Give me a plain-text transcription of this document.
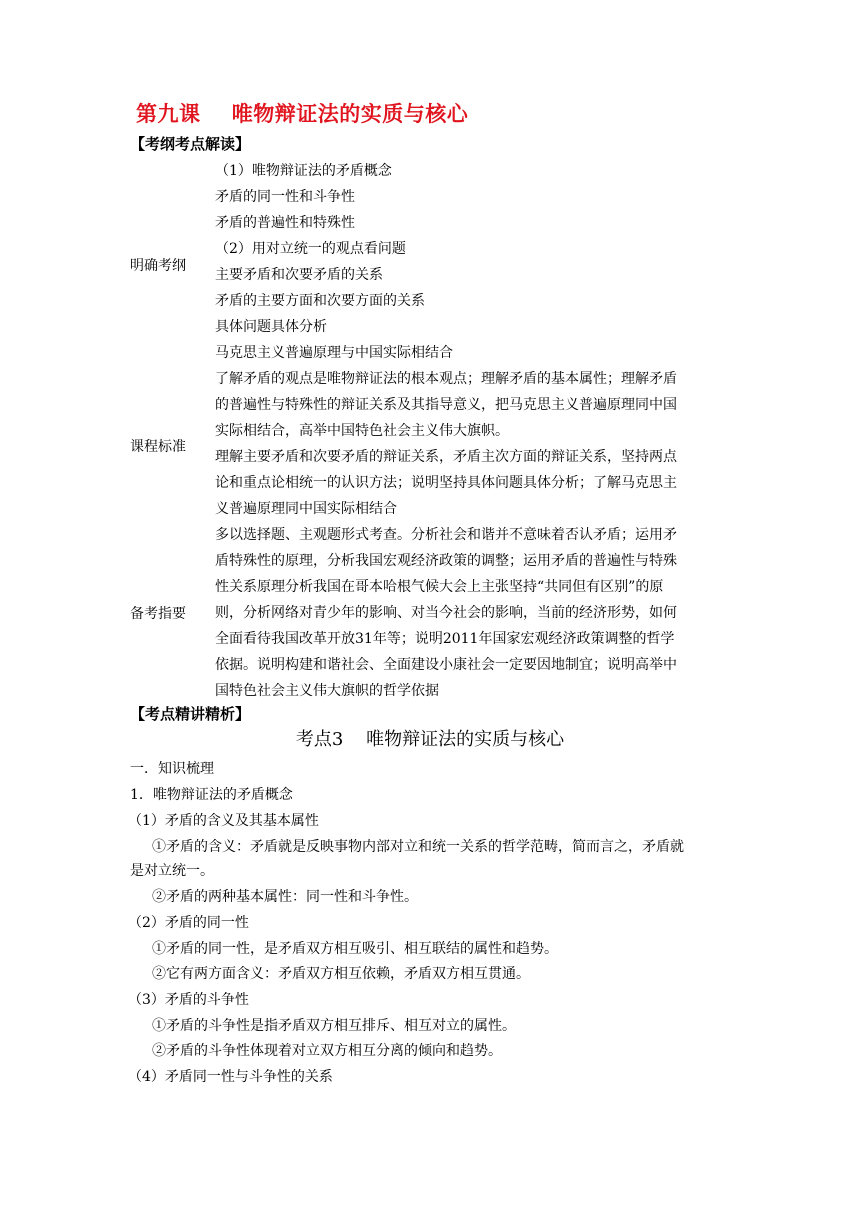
第九课    唯物辩证法的实质与核心
【考纲考点解读】
明确考纲
（1）唯物辩证法的矛盾概念
矛盾的同一性和斗争性
矛盾的普遍性和特殊性
（2）用对立统一的观点看问题
主要矛盾和次要矛盾的关系
矛盾的主要方面和次要方面的关系
具体问题具体分析
马克思主义普遍原理与中国实际相结合
课程标准
了解矛盾的观点是唯物辩证法的根本观点；理解矛盾的基本属性；理解矛盾
的普遍性与特殊性的辩证关系及其指导意义，把马克思主义普遍原理同中国
实际相结合，高举中国特色社会主义伟大旗帜。
理解主要矛盾和次要矛盾的辩证关系，矛盾主次方面的辩证关系，坚持两点
论和重点论相统一的认识方法；说明坚持具体问题具体分析；了解马克思主
义普遍原理同中国实际相结合
备考指要
多以选择题、主观题形式考查。分析社会和谐并不意味着否认矛盾；运用矛
盾特殊性的原理，分析我国宏观经济政策的调整；运用矛盾的普遍性与特殊
性关系原理分析我国在哥本哈根气候大会上主张坚持“共同但有区别”的原
则，分析网络对青少年的影响、对当今社会的影响，当前的经济形势，如何
全面看待我国改革开放31年等；说明2011年国家宏观经济政策调整的哲学
依据。说明构建和谐社会、全面建设小康社会一定要因地制宜；说明高举中
国特色社会主义伟大旗帜的哲学依据
【考点精讲精析】
考点3    唯物辩证法的实质与核心
一．知识梳理
1．唯物辩证法的矛盾概念
（1）矛盾的含义及其基本属性
①矛盾的含义：矛盾就是反映事物内部对立和统一关系的哲学范畴，简而言之，矛盾就
是对立统一。
②矛盾的两种基本属性：同一性和斗争性。
（2）矛盾的同一性
①矛盾的同一性，是矛盾双方相互吸引、相互联结的属性和趋势。
②它有两方面含义：矛盾双方相互依赖，矛盾双方相互贯通。
（3）矛盾的斗争性
①矛盾的斗争性是指矛盾双方相互排斥、相互对立的属性。
②矛盾的斗争性体现着对立双方相互分离的倾向和趋势。
（4）矛盾同一性与斗争性的关系
